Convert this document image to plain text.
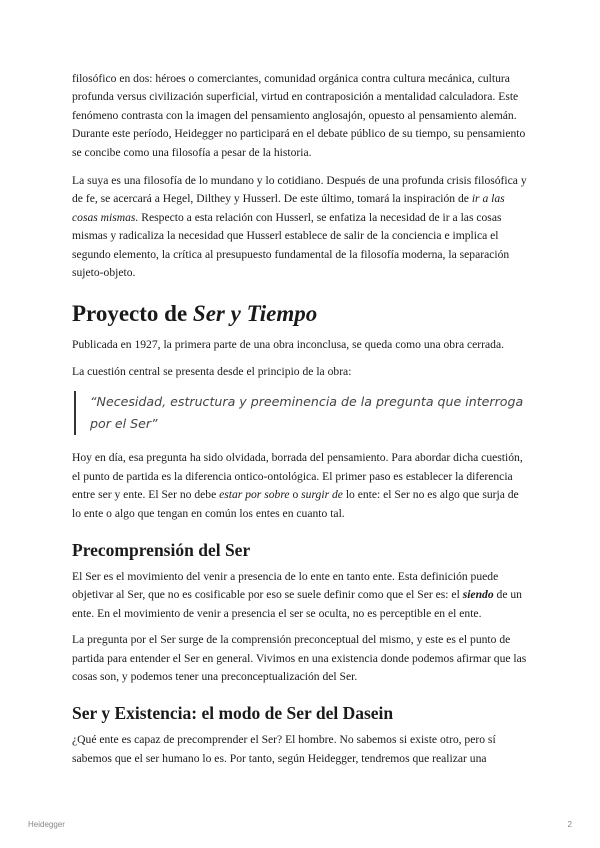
filosófico en dos: héroes o comerciantes, comunidad orgánica contra cultura mecánica, cultura profunda versus civilización superficial, virtud en contraposición a mentalidad calculadora. Este fenómeno contrasta con la imagen del pensamiento anglosajón, opuesto al pensamiento alemán. Durante este período, Heidegger no participará en el debate público de su tiempo, su pensamiento se concibe como una filosofía a pesar de la historia.

La suya es una filosofía de lo mundano y lo cotidiano. Después de una profunda crisis filosófica y de fe, se acercará a Hegel, Dilthey y Husserl. De este último, tomará la inspiración de ir a las cosas mismas. Respecto a esta relación con Husserl, se enfatiza la necesidad de ir a las cosas mismas y radicaliza la necesidad que Husserl establece de salir de la conciencia e implica el segundo elemento, la crítica al presupuesto fundamental de la filosofía moderna, la separación sujeto-objeto.

Proyecto de Ser y Tiempo

Publicada en 1927, la primera parte de una obra inconclusa, se queda como una obra cerrada.

La cuestión central se presenta desde el principio de la obra:

“Necesidad, estructura y preeminencia de la pregunta que interroga por el Ser”

Hoy en día, esa pregunta ha sido olvidada, borrada del pensamiento. Para abordar dicha cuestión, el punto de partida es la diferencia ontico-ontológica. El primer paso es establecer la diferencia entre ser y ente. El Ser no debe estar por sobre o surgir de lo ente: el Ser no es algo que surja de lo ente o algo que tengan en común los entes en cuanto tal.

Precomprensión del Ser

El Ser es el movimiento del venir a presencia de lo ente en tanto ente. Esta definición puede objetivar al Ser, que no es cosificable por eso se suele definir como que el Ser es: el siendo de un ente. En el movimiento de venir a presencia el ser se oculta, no es perceptible en el ente.

La pregunta por el Ser surge de la comprensión preconceptual del mismo, y este es el punto de partida para entender el Ser en general. Vivimos en una existencia donde podemos afirmar que las cosas son, y podemos tener una preconceptualización del Ser.

Ser y Existencia: el modo de Ser del Dasein

¿Qué ente es capaz de precomprender el Ser? El hombre. No sabemos si existe otro, pero sí sabemos que el ser humano lo es. Por tanto, según Heidegger, tendremos que realizar una

Heidegger	2
